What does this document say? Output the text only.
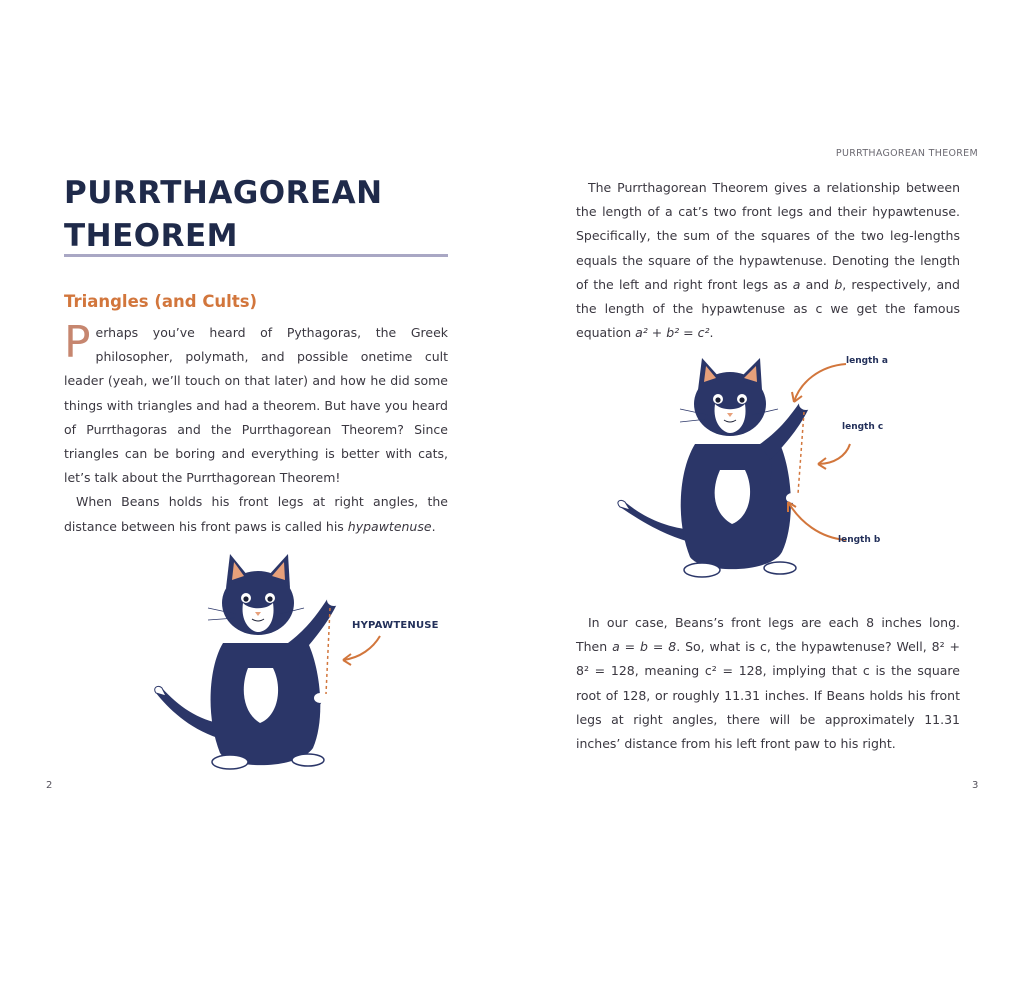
PURRTHAGOREAN
THEOREM
Triangles (and Cults)

Perhaps you’ve heard of Pythagoras, the Greek philosopher, polymath, and possible onetime cult leader (yeah, we’ll touch on that later) and how he did some things with triangles and had a theorem. But have you heard of Purrthagoras and the Purrthagorean Theorem? Since triangles can be boring and everything is better with cats, let’s talk about the Purrthagorean Theorem!

When Beans holds his front legs at right angles, the distance between his front paws is called his hypawtenuse.

HYPAWTENUSE
2
PURRTHAGOREAN THEOREM

The Purrthagorean Theorem gives a relationship between the length of a cat’s two front legs and their hypawtenuse. Specifically, the sum of the squares of the two leg-lengths equals the square of the hypawtenuse. Denoting the length of the left and right front legs as a and b, respectively, and the length of the hypawtenuse as c we get the famous equation a² + b² = c².

length a
length c
length b

In our case, Beans’s front legs are each 8 inches long. Then a = b = 8. So, what is c, the hypawtenuse? Well, 8² + 8² = 128, meaning c² = 128, implying that c is the square root of 128, or roughly 11.31 inches. If Beans holds his front legs at right angles, there will be approximately 11.31 inches’ distance from his left front paw to his right.

3
